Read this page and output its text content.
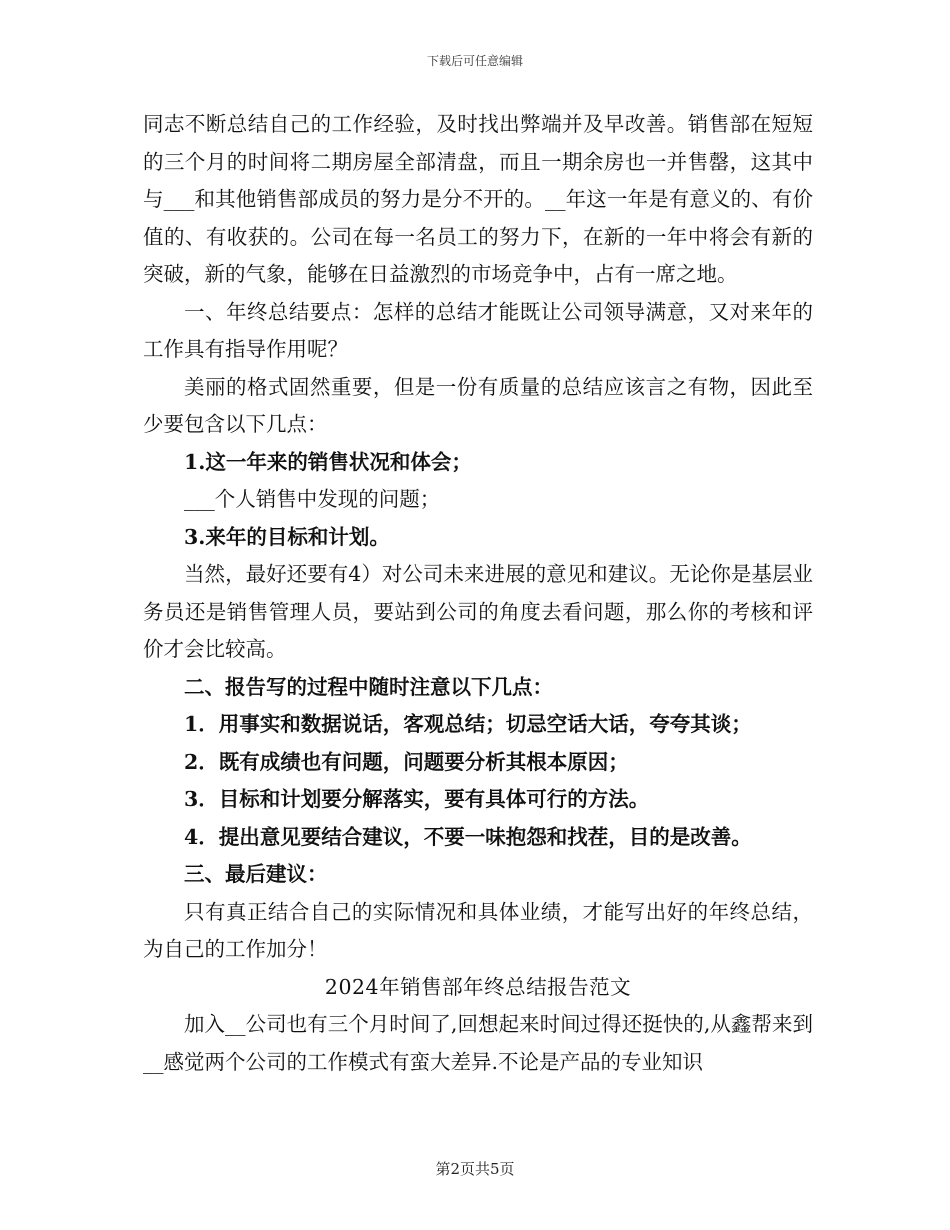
下载后可任意编辑

同志不断总结自己的工作经验，及时找出弊端并及早改善。销售部在短短的三个月的时间将二期房屋全部清盘，而且一期余房也一并售罄，这其中与___和其他销售部成员的努力是分不开的。__年这一年是有意义的、有价值的、有收获的。公司在每一名员工的努力下，在新的一年中将会有新的突破，新的气象，能够在日益激烈的市场竞争中，占有一席之地。

一、年终总结要点：怎样的总结才能既让公司领导满意，又对来年的工作具有指导作用呢？

美丽的格式固然重要，但是一份有质量的总结应该言之有物，因此至少要包含以下几点：

1.这一年来的销售状况和体会；

___个人销售中发现的问题；

3.来年的目标和计划。

当然，最好还要有4）对公司未来进展的意见和建议。无论你是基层业务员还是销售管理人员，要站到公司的角度去看问题，那么你的考核和评价才会比较高。

二、报告写的过程中随时注意以下几点：

1．用事实和数据说话，客观总结；切忌空话大话，夸夸其谈；

2．既有成绩也有问题，问题要分析其根本原因；

3．目标和计划要分解落实，要有具体可行的方法。

4．提出意见要结合建议，不要一味抱怨和找茬，目的是改善。

三、最后建议：

只有真正结合自己的实际情况和具体业绩，才能写出好的年终总结，为自己的工作加分！

2024年销售部年终总结报告范文

加入__公司也有三个月时间了,回想起来时间过得还挺快的,从鑫帮来到__感觉两个公司的工作模式有蛮大差异.不论是产品的专业知识

第2页共5页
